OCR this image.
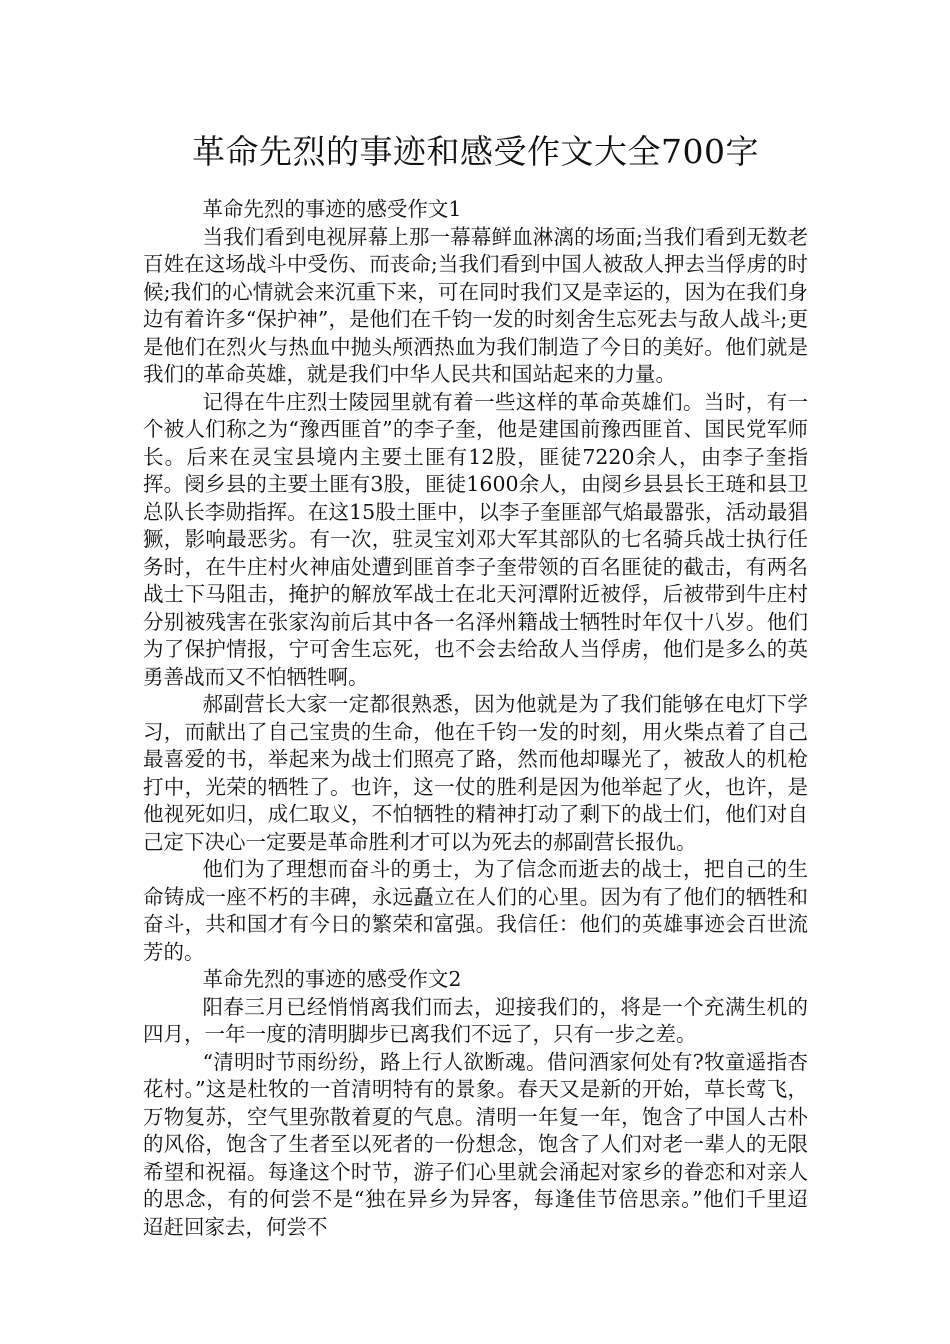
革命先烈的事迹和感受作文大全700字

革命先烈的事迹的感受作文1

当我们看到电视屏幕上那一幕幕鲜血淋漓的场面;当我们看到无数老百姓在这场战斗中受伤、而丧命;当我们看到中国人被敌人押去当俘虏的时候;我们的心情就会来沉重下来，可在同时我们又是幸运的，因为在我们身边有着许多“保护神”，是他们在千钧一发的时刻舍生忘死去与敌人战斗;更是他们在烈火与热血中抛头颅洒热血为我们制造了今日的美好。他们就是我们的革命英雄，就是我们中华人民共和国站起来的力量。

记得在牛庄烈士陵园里就有着一些这样的革命英雄们。当时，有一个被人们称之为“豫西匪首”的李子奎，他是建国前豫西匪首、国民党军师长。后来在灵宝县境内主要土匪有12股，匪徒7220余人，由李子奎指挥。阌乡县的主要土匪有3股，匪徒1600余人，由阌乡县县长王琏和县卫总队长李勋指挥。在这15股土匪中，以李子奎匪部气焰最嚣张，活动最猖獗，影响最恶劣。有一次，驻灵宝刘邓大军其部队的七名骑兵战士执行任务时，在牛庄村火神庙处遭到匪首李子奎带领的百名匪徒的截击，有两名战士下马阻击，掩护的解放军战士在北天河潭附近被俘，后被带到牛庄村分别被残害在张家沟前后其中各一名泽州籍战士牺牲时年仅十八岁。他们为了保护情报，宁可舍生忘死，也不会去给敌人当俘虏，他们是多么的英勇善战而又不怕牺牲啊。

郝副营长大家一定都很熟悉，因为他就是为了我们能够在电灯下学习，而献出了自己宝贵的生命，他在千钧一发的时刻，用火柴点着了自己最喜爱的书，举起来为战士们照亮了路，然而他却曝光了，被敌人的机枪打中，光荣的牺牲了。也许，这一仗的胜利是因为他举起了火，也许，是他视死如归，成仁取义，不怕牺牲的精神打动了剩下的战士们，他们对自己定下决心一定要是革命胜利才可以为死去的郝副营长报仇。

他们为了理想而奋斗的勇士，为了信念而逝去的战士，把自己的生命铸成一座不朽的丰碑，永远矗立在人们的心里。因为有了他们的牺牲和奋斗，共和国才有今日的繁荣和富强。我信任：他们的英雄事迹会百世流芳的。

革命先烈的事迹的感受作文2

阳春三月已经悄悄离我们而去，迎接我们的，将是一个充满生机的四月，一年一度的清明脚步已离我们不远了，只有一步之差。

“清明时节雨纷纷，路上行人欲断魂。借问酒家何处有?牧童遥指杏花村。”这是杜牧的一首清明特有的景象。春天又是新的开始，草长莺飞，万物复苏，空气里弥散着夏的气息。清明一年复一年，饱含了中国人古朴的风俗，饱含了生者至以死者的一份想念，饱含了人们对老一辈人的无限希望和祝福。每逢这个时节，游子们心里就会涌起对家乡的眷恋和对亲人的思念，有的何尝不是“独在异乡为异客，每逢佳节倍思亲。”他们千里迢迢赶回家去，何尝不
